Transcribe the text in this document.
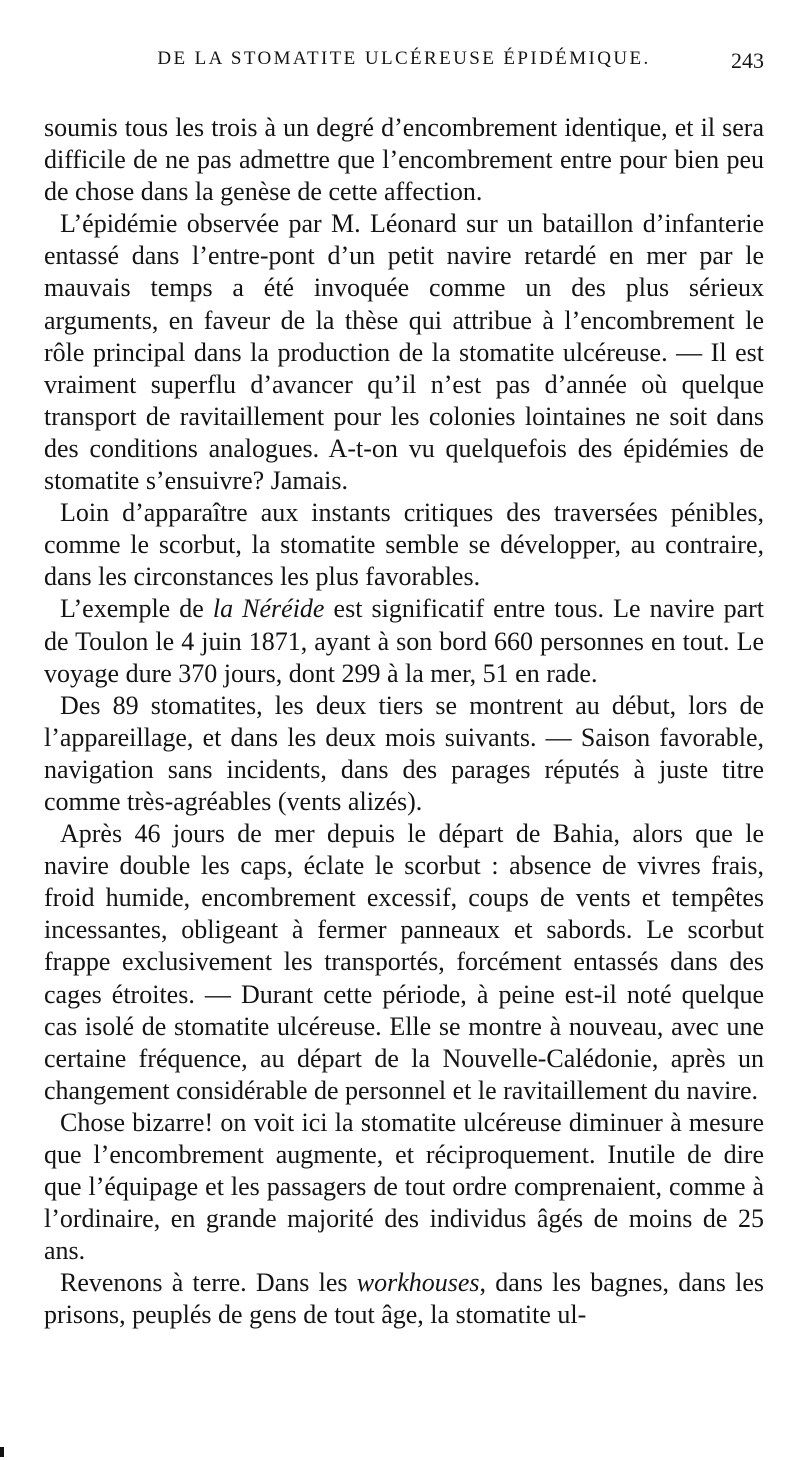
DE LA STOMATITE ULCÉREUSE ÉPIDÉMIQUE.	243

soumis tous les trois à un degré d’encombrement identique, et il sera difficile de ne pas admettre que l’encombrement entre pour bien peu de chose dans la genèse de cette affection.

L’épidémie observée par M. Léonard sur un bataillon d’infanterie entassé dans l’entre-pont d’un petit navire retardé en mer par le mauvais temps a été invoquée comme un des plus sérieux arguments, en faveur de la thèse qui attribue à l’encombrement le rôle principal dans la production de la stomatite ulcéreuse. — Il est vraiment superflu d’avancer qu’il n’est pas d’année où quelque transport de ravitaillement pour les colonies lointaines ne soit dans des conditions analogues. A-t-on vu quelquefois des épidémies de stomatite s’ensuivre? Jamais.

Loin d’apparaître aux instants critiques des traversées pénibles, comme le scorbut, la stomatite semble se développer, au contraire, dans les circonstances les plus favorables.

L’exemple de la Néréide est significatif entre tous. Le navire part de Toulon le 4 juin 1871, ayant à son bord 660 personnes en tout. Le voyage dure 370 jours, dont 299 à la mer, 51 en rade.

Des 89 stomatites, les deux tiers se montrent au début, lors de l’appareillage, et dans les deux mois suivants. — Saison favorable, navigation sans incidents, dans des parages réputés à juste titre comme très-agréables (vents alizés).

Après 46 jours de mer depuis le départ de Bahia, alors que le navire double les caps, éclate le scorbut : absence de vivres frais, froid humide, encombrement excessif, coups de vents et tempêtes incessantes, obligeant à fermer panneaux et sabords. Le scorbut frappe exclusivement les transportés, forcément entassés dans des cages étroites. — Durant cette période, à peine est-il noté quelque cas isolé de stomatite ulcéreuse. Elle se montre à nouveau, avec une certaine fréquence, au départ de la Nouvelle-Calédonie, après un changement considérable de personnel et le ravitaillement du navire.

Chose bizarre! on voit ici la stomatite ulcéreuse diminuer à mesure que l’encombrement augmente, et réciproquement. Inutile de dire que l’équipage et les passagers de tout ordre comprenaient, comme à l’ordinaire, en grande majorité des individus âgés de moins de 25 ans.

Revenons à terre. Dans les workhouses, dans les bagnes, dans les prisons, peuplés de gens de tout âge, la stomatite ul-
